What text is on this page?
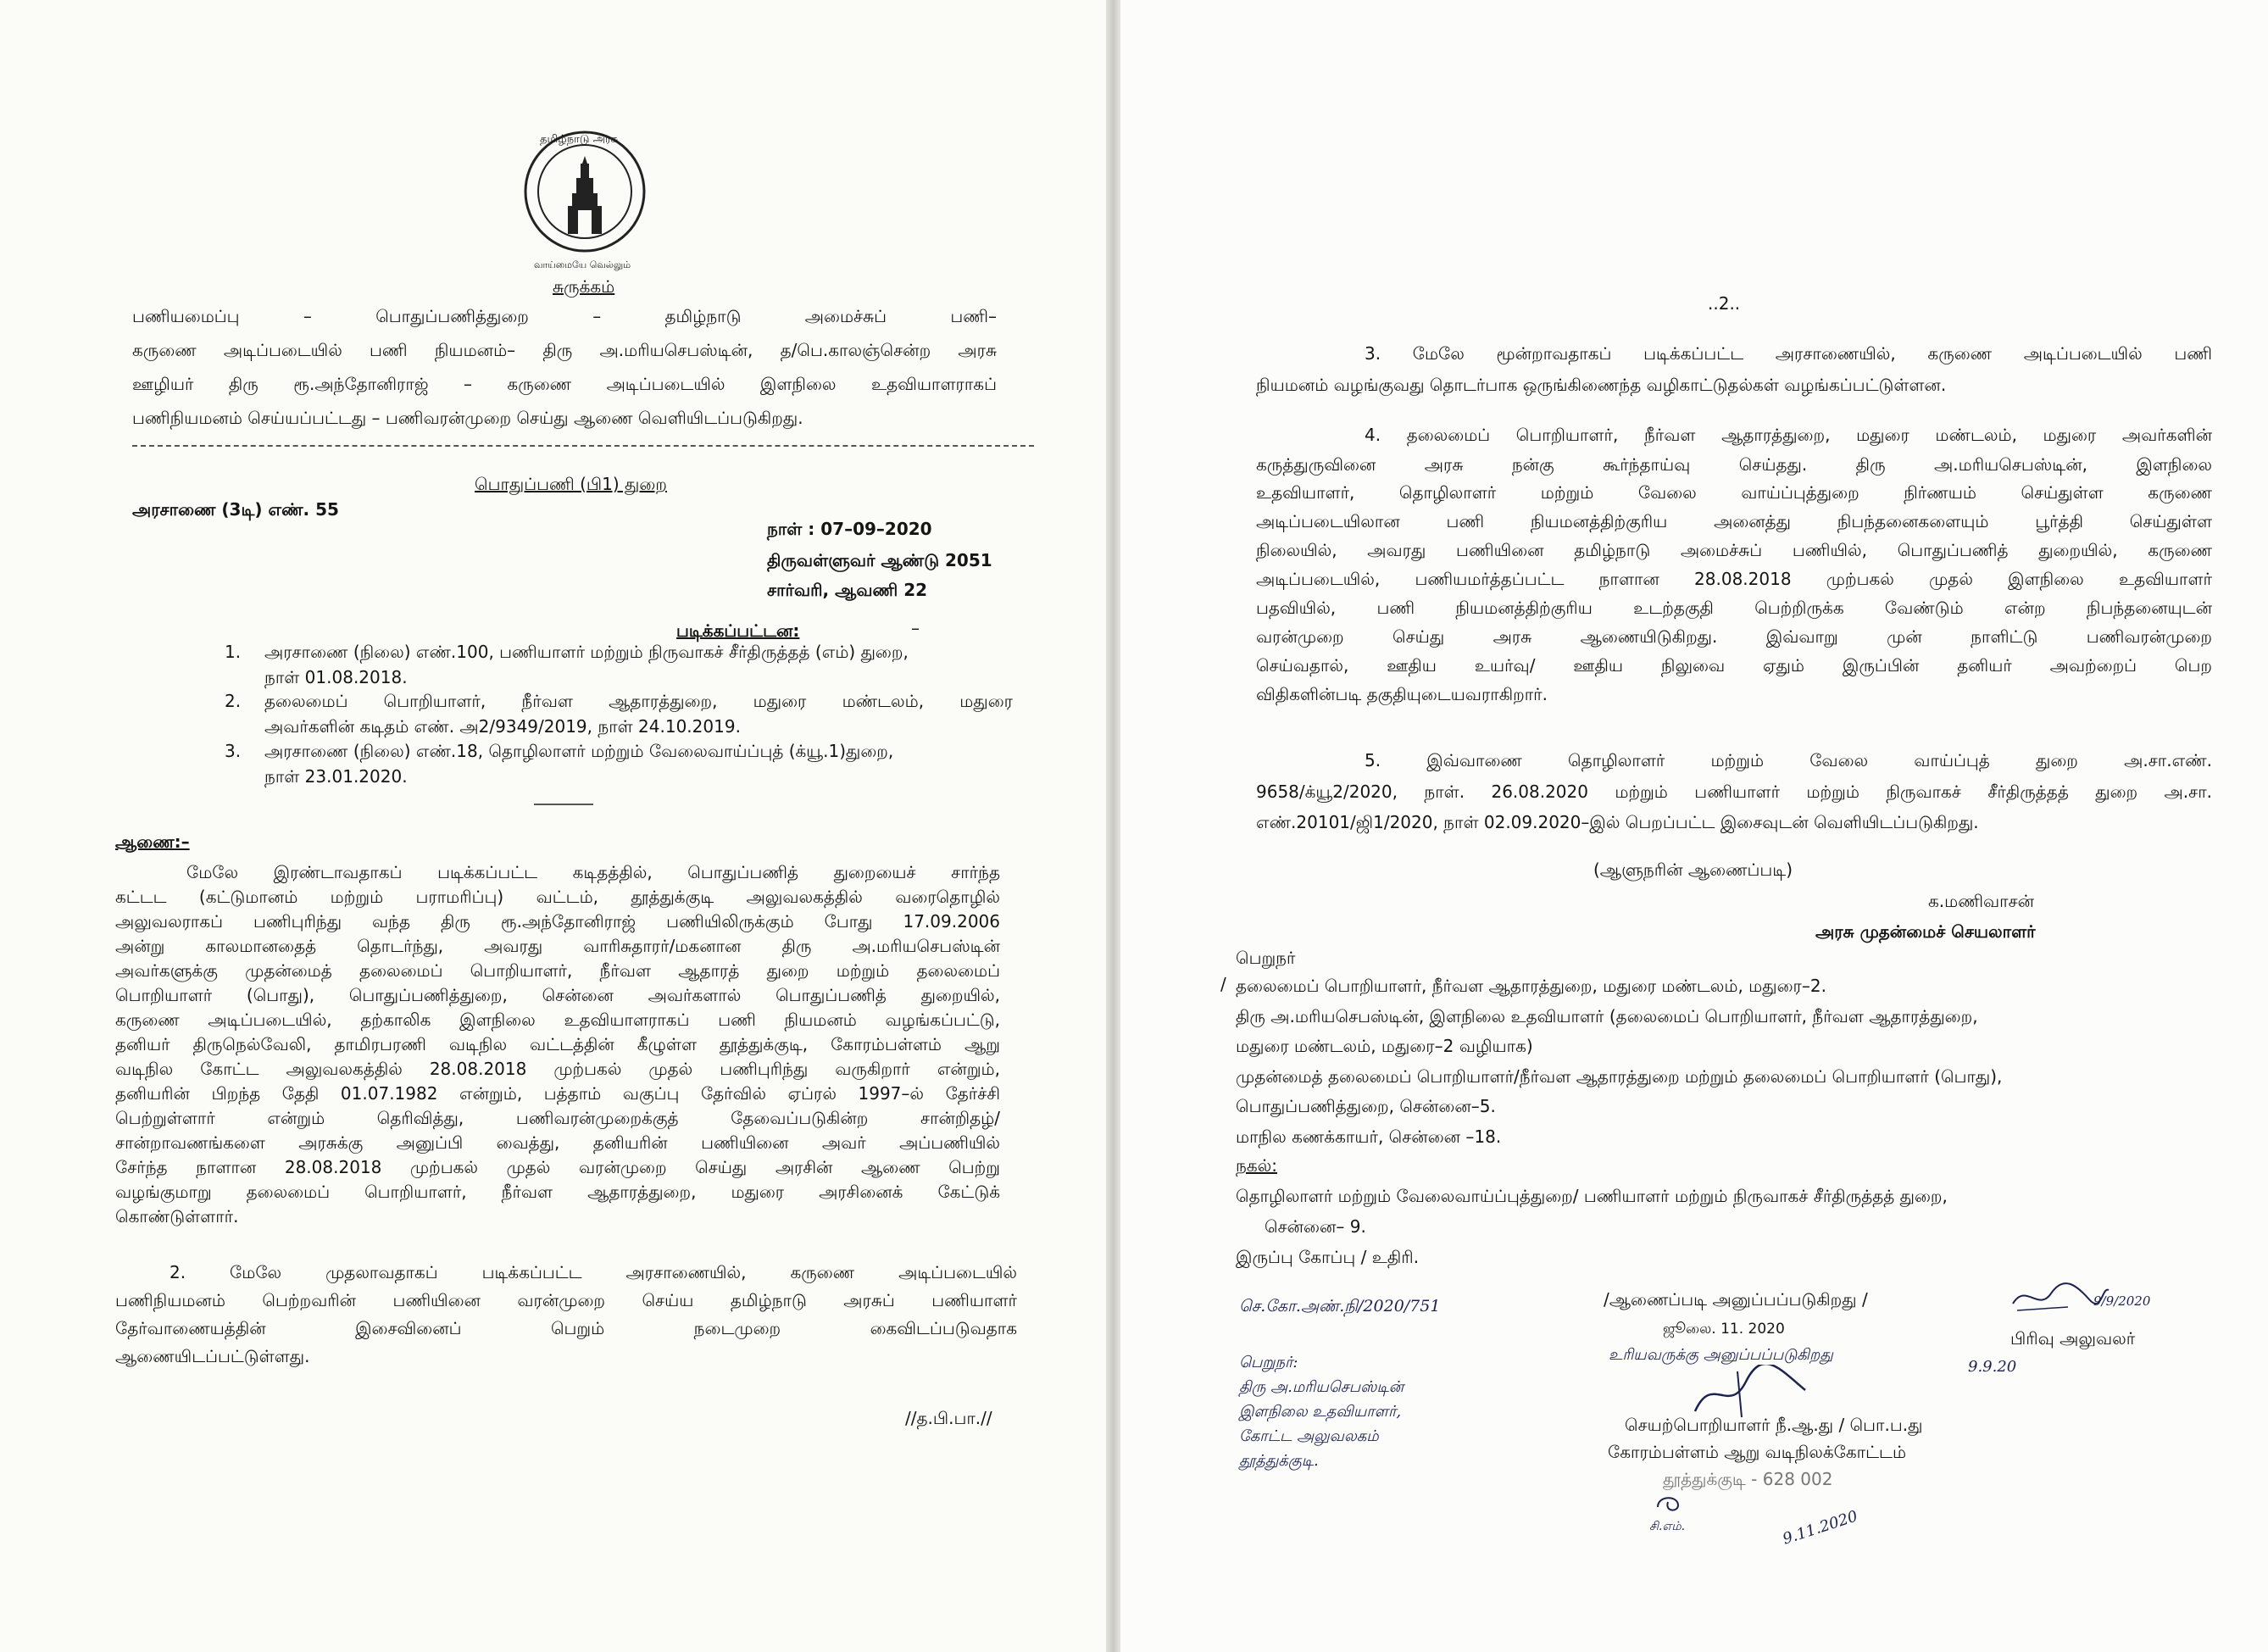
தமிழ்நாடு அரசு
வாய்மையே வெல்லும்
சுருக்கம்
பணியமைப்பு – பொதுப்பணித்துறை – தமிழ்நாடு அமைச்சுப் பணி–
கருணை அடிப்படையில் பணி நியமனம்– திரு அ.மரியசெபஸ்டின், த/பெ.காலஞ்சென்ற அரசு
ஊழியர் திரு ரூ.அந்தோனிராஜ் – கருணை அடிப்படையில் இளநிலை உதவியாளராகப்
பணிநியமனம் செய்யப்பட்டது – பணிவரன்முறை செய்து ஆணை வெளியிடப்படுகிறது.
பொதுப்பணி (பி1) துறை
அரசாணை (3டி) எண். 55
நாள் : 07–09–2020
திருவள்ளுவர் ஆண்டு 2051
சார்வரி, ஆவணி 22
படிக்கப்பட்டன:	–
1. அரசாணை (நிலை) எண்.100, பணியாளர் மற்றும் நிருவாகச் சீர்திருத்தத் (எம்) துறை,
நாள் 01.08.2018.
2. தலைமைப் பொறியாளர், நீர்வள ஆதாரத்துறை, மதுரை மண்டலம், மதுரை
அவர்களின் கடிதம் எண். அ2/9349/2019, நாள் 24.10.2019.
3. அரசாணை (நிலை) எண்.18, தொழிலாளர் மற்றும் வேலைவாய்ப்புத் (க்யூ.1)துறை,
நாள் 23.01.2020.
ஆணை:–
மேலே இரண்டாவதாகப் படிக்கப்பட்ட கடிதத்தில், பொதுப்பணித் துறையைச் சார்ந்த
கட்டட (கட்டுமானம் மற்றும் பராமரிப்பு) வட்டம், தூத்துக்குடி அலுவலகத்தில் வரைதொழில்
அலுவலராகப் பணிபுரிந்து வந்த திரு ரூ.அந்தோனிராஜ் பணியிலிருக்கும் போது 17.09.2006
அன்று காலமானதைத் தொடர்ந்து, அவரது வாரிசுதாரர்/மகனான திரு அ.மரியசெபஸ்டின்
அவர்களுக்கு முதன்மைத் தலைமைப் பொறியாளர், நீர்வள ஆதாரத் துறை மற்றும் தலைமைப்
பொறியாளர் (பொது), பொதுப்பணித்துறை, சென்னை அவர்களால் பொதுப்பணித் துறையில்,
கருணை அடிப்படையில், தற்காலிக இளநிலை உதவியாளராகப் பணி நியமனம் வழங்கப்பட்டு,
தனியர் திருநெல்வேலி, தாமிரபரணி வடிநில வட்டத்தின் கீழுள்ள தூத்துக்குடி, கோரம்பள்ளம் ஆறு
வடிநில கோட்ட அலுவலகத்தில் 28.08.2018 முற்பகல் முதல் பணிபுரிந்து வருகிறார் என்றும்,
தனியரின் பிறந்த தேதி 01.07.1982 என்றும், பத்தாம் வகுப்பு தேர்வில் ஏப்ரல் 1997–ல் தேர்ச்சி
பெற்றுள்ளார் என்றும் தெரிவித்து, பணிவரன்முறைக்குத் தேவைப்படுகின்ற சான்றிதழ்/
சான்றாவணங்களை அரசுக்கு அனுப்பி வைத்து, தனியரின் பணியினை அவர் அப்பணியில்
சேர்ந்த நாளான 28.08.2018 முற்பகல் முதல் வரன்முறை செய்து அரசின் ஆணை பெற்று
வழங்குமாறு தலைமைப் பொறியாளர், நீர்வள ஆதாரத்துறை, மதுரை அரசினைக் கேட்டுக்
கொண்டுள்ளார்.
2. மேலே முதலாவதாகப் படிக்கப்பட்ட அரசாணையில், கருணை அடிப்படையில்
பணிநியமனம் பெற்றவரின் பணியினை வரன்முறை செய்ய தமிழ்நாடு அரசுப் பணியாளர்
தேர்வாணையத்தின் இசைவினைப் பெறும் நடைமுறை கைவிடப்படுவதாக
ஆணையிடப்பட்டுள்ளது.
//த.பி.பா.//
..2..
3. மேலே மூன்றாவதாகப் படிக்கப்பட்ட அரசாணையில், கருணை அடிப்படையில் பணி
நியமனம் வழங்குவது தொடர்பாக ஒருங்கிணைந்த வழிகாட்டுதல்கள் வழங்கப்பட்டுள்ளன.
4. தலைமைப் பொறியாளர், நீர்வள ஆதாரத்துறை, மதுரை மண்டலம், மதுரை அவர்களின்
கருத்துருவினை அரசு நன்கு கூர்ந்தாய்வு செய்தது. திரு அ.மரியசெபஸ்டின், இளநிலை
உதவியாளர், தொழிலாளர் மற்றும் வேலை வாய்ப்புத்துறை நிர்ணயம் செய்துள்ள கருணை
அடிப்படையிலான பணி நியமனத்திற்குரிய அனைத்து நிபந்தனைகளையும் பூர்த்தி செய்துள்ள
நிலையில், அவரது பணியினை தமிழ்நாடு அமைச்சுப் பணியில், பொதுப்பணித் துறையில், கருணை
அடிப்படையில், பணியமர்த்தப்பட்ட நாளான 28.08.2018 முற்பகல் முதல் இளநிலை உதவியாளர்
பதவியில், பணி நியமனத்திற்குரிய உடற்தகுதி பெற்றிருக்க வேண்டும் என்ற நிபந்தனையுடன்
வரன்முறை செய்து அரசு ஆணையிடுகிறது. இவ்வாறு முன் நாளிட்டு பணிவரன்முறை
செய்வதால், ஊதிய உயர்வு/ ஊதிய நிலுவை ஏதும் இருப்பின் தனியர் அவற்றைப் பெற
விதிகளின்படி தகுதியுடையவராகிறார்.
5. இவ்வாணை தொழிலாளர் மற்றும் வேலை வாய்ப்புத் துறை அ.சா.எண்.
9658/க்யூ2/2020, நாள். 26.08.2020 மற்றும் பணியாளர் மற்றும் நிருவாகச் சீர்திருத்தத் துறை அ.சா.
எண்.20101/ஜி1/2020, நாள் 02.09.2020–இல் பெறப்பட்ட இசைவுடன் வெளியிடப்படுகிறது.
(ஆளுநரின் ஆணைப்படி)
க.மணிவாசன்
அரசு முதன்மைச் செயலாளர்
பெறுநர்
/ தலைமைப் பொறியாளர், நீர்வள ஆதாரத்துறை, மதுரை மண்டலம், மதுரை–2.
திரு அ.மரியசெபஸ்டின், இளநிலை உதவியாளர் (தலைமைப் பொறியாளர், நீர்வள ஆதாரத்துறை,
மதுரை மண்டலம், மதுரை–2 வழியாக)
முதன்மைத் தலைமைப் பொறியாளர்/நீர்வள ஆதாரத்துறை மற்றும் தலைமைப் பொறியாளர் (பொது),
பொதுப்பணித்துறை, சென்னை–5.
மாநில கணக்காயர், சென்னை –18.
நகல்:
தொழிலாளர் மற்றும் வேலைவாய்ப்புத்துறை/ பணியாளர் மற்றும் நிருவாகச் சீர்திருத்தத் துறை,
சென்னை– 9.
இருப்பு கோப்பு / உதிரி.
செ.கோ.அண்.நி/2020/751	/ஆணைப்படி அனுப்பப்படுகிறது /
ஜூலை. 11. 2020
9/9/2020
பிரிவு அலுவலர்
உரியவருக்கு அனுப்பப்படுகிறது
9.9.20
பெறுநர்:
திரு அ.மரியசெபஸ்டின்
இளநிலை உதவியாளர்,
கோட்ட அலுவலகம்
தூத்துக்குடி.
செயற்பொறியாளர் நீ.ஆ.து / பொ.ப.து
கோரம்பள்ளம் ஆறு வடிநிலக்கோட்டம்
தூத்துக்குடி - 628 002
சி.எம்.	9.11.2020
